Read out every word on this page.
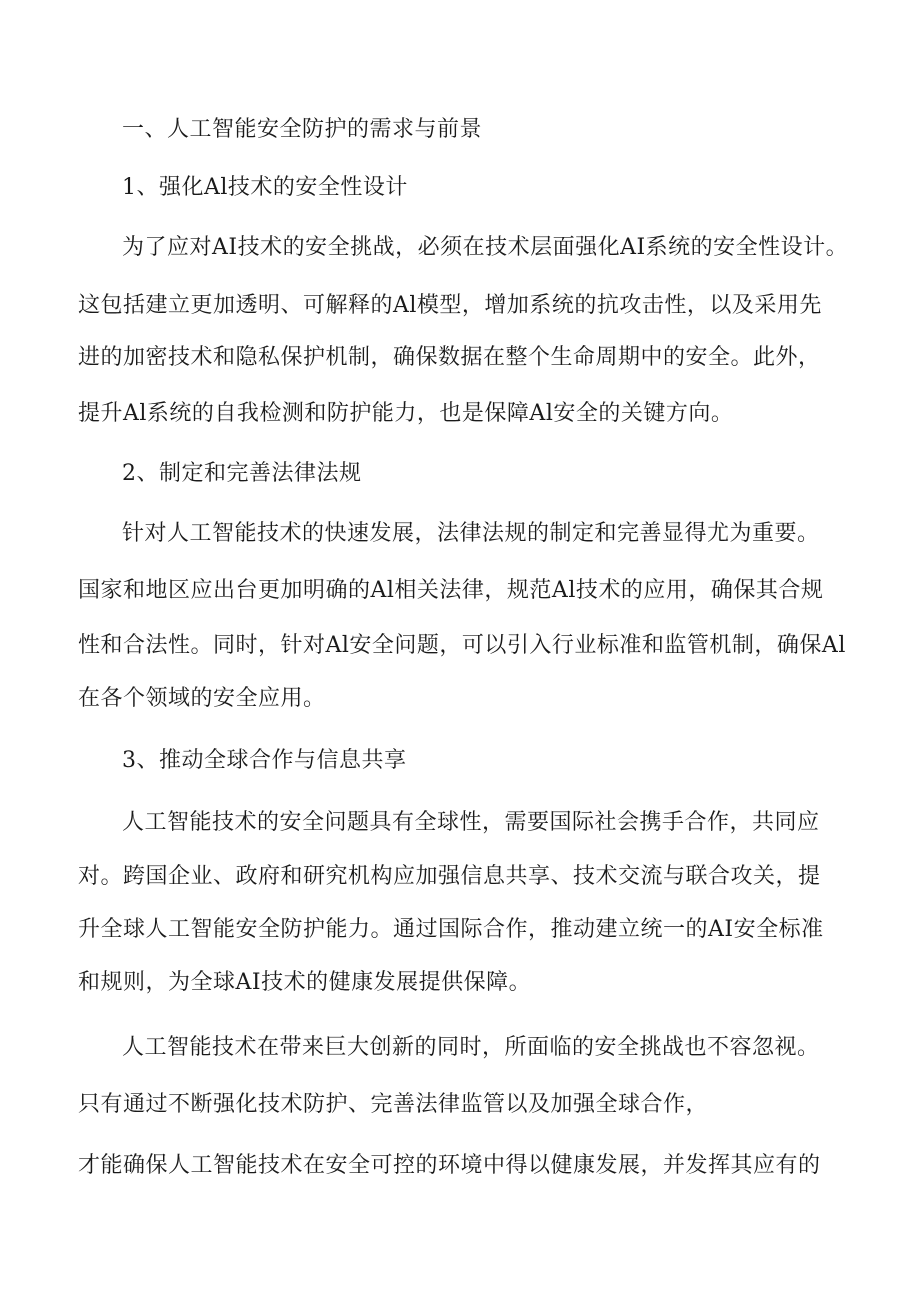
一、人工智能安全防护的需求与前景
1、强化Al技术的安全性设计
为了应对AI技术的安全挑战，必须在技术层面强化AI系统的安全性设计。
这包括建立更加透明、可解释的Al模型，增加系统的抗攻击性，以及采用先
进的加密技术和隐私保护机制，确保数据在整个生命周期中的安全。此外，
提升Al系统的自我检测和防护能力，也是保障Al安全的关键方向。
2、制定和完善法律法规
针对人工智能技术的快速发展，法律法规的制定和完善显得尤为重要。
国家和地区应出台更加明确的Al相关法律，规范Al技术的应用，确保其合规
性和合法性。同时，针对Al安全问题，可以引入行业标准和监管机制，确保Al
在各个领域的安全应用。
3、推动全球合作与信息共享
人工智能技术的安全问题具有全球性，需要国际社会携手合作，共同应
对。跨国企业、政府和研究机构应加强信息共享、技术交流与联合攻关，提
升全球人工智能安全防护能力。通过国际合作，推动建立统一的AI安全标准
和规则，为全球AI技术的健康发展提供保障。
人工智能技术在带来巨大创新的同时，所面临的安全挑战也不容忽视。
只有通过不断强化技术防护、完善法律监管以及加强全球合作，
才能确保人工智能技术在安全可控的环境中得以健康发展，并发挥其应有的
